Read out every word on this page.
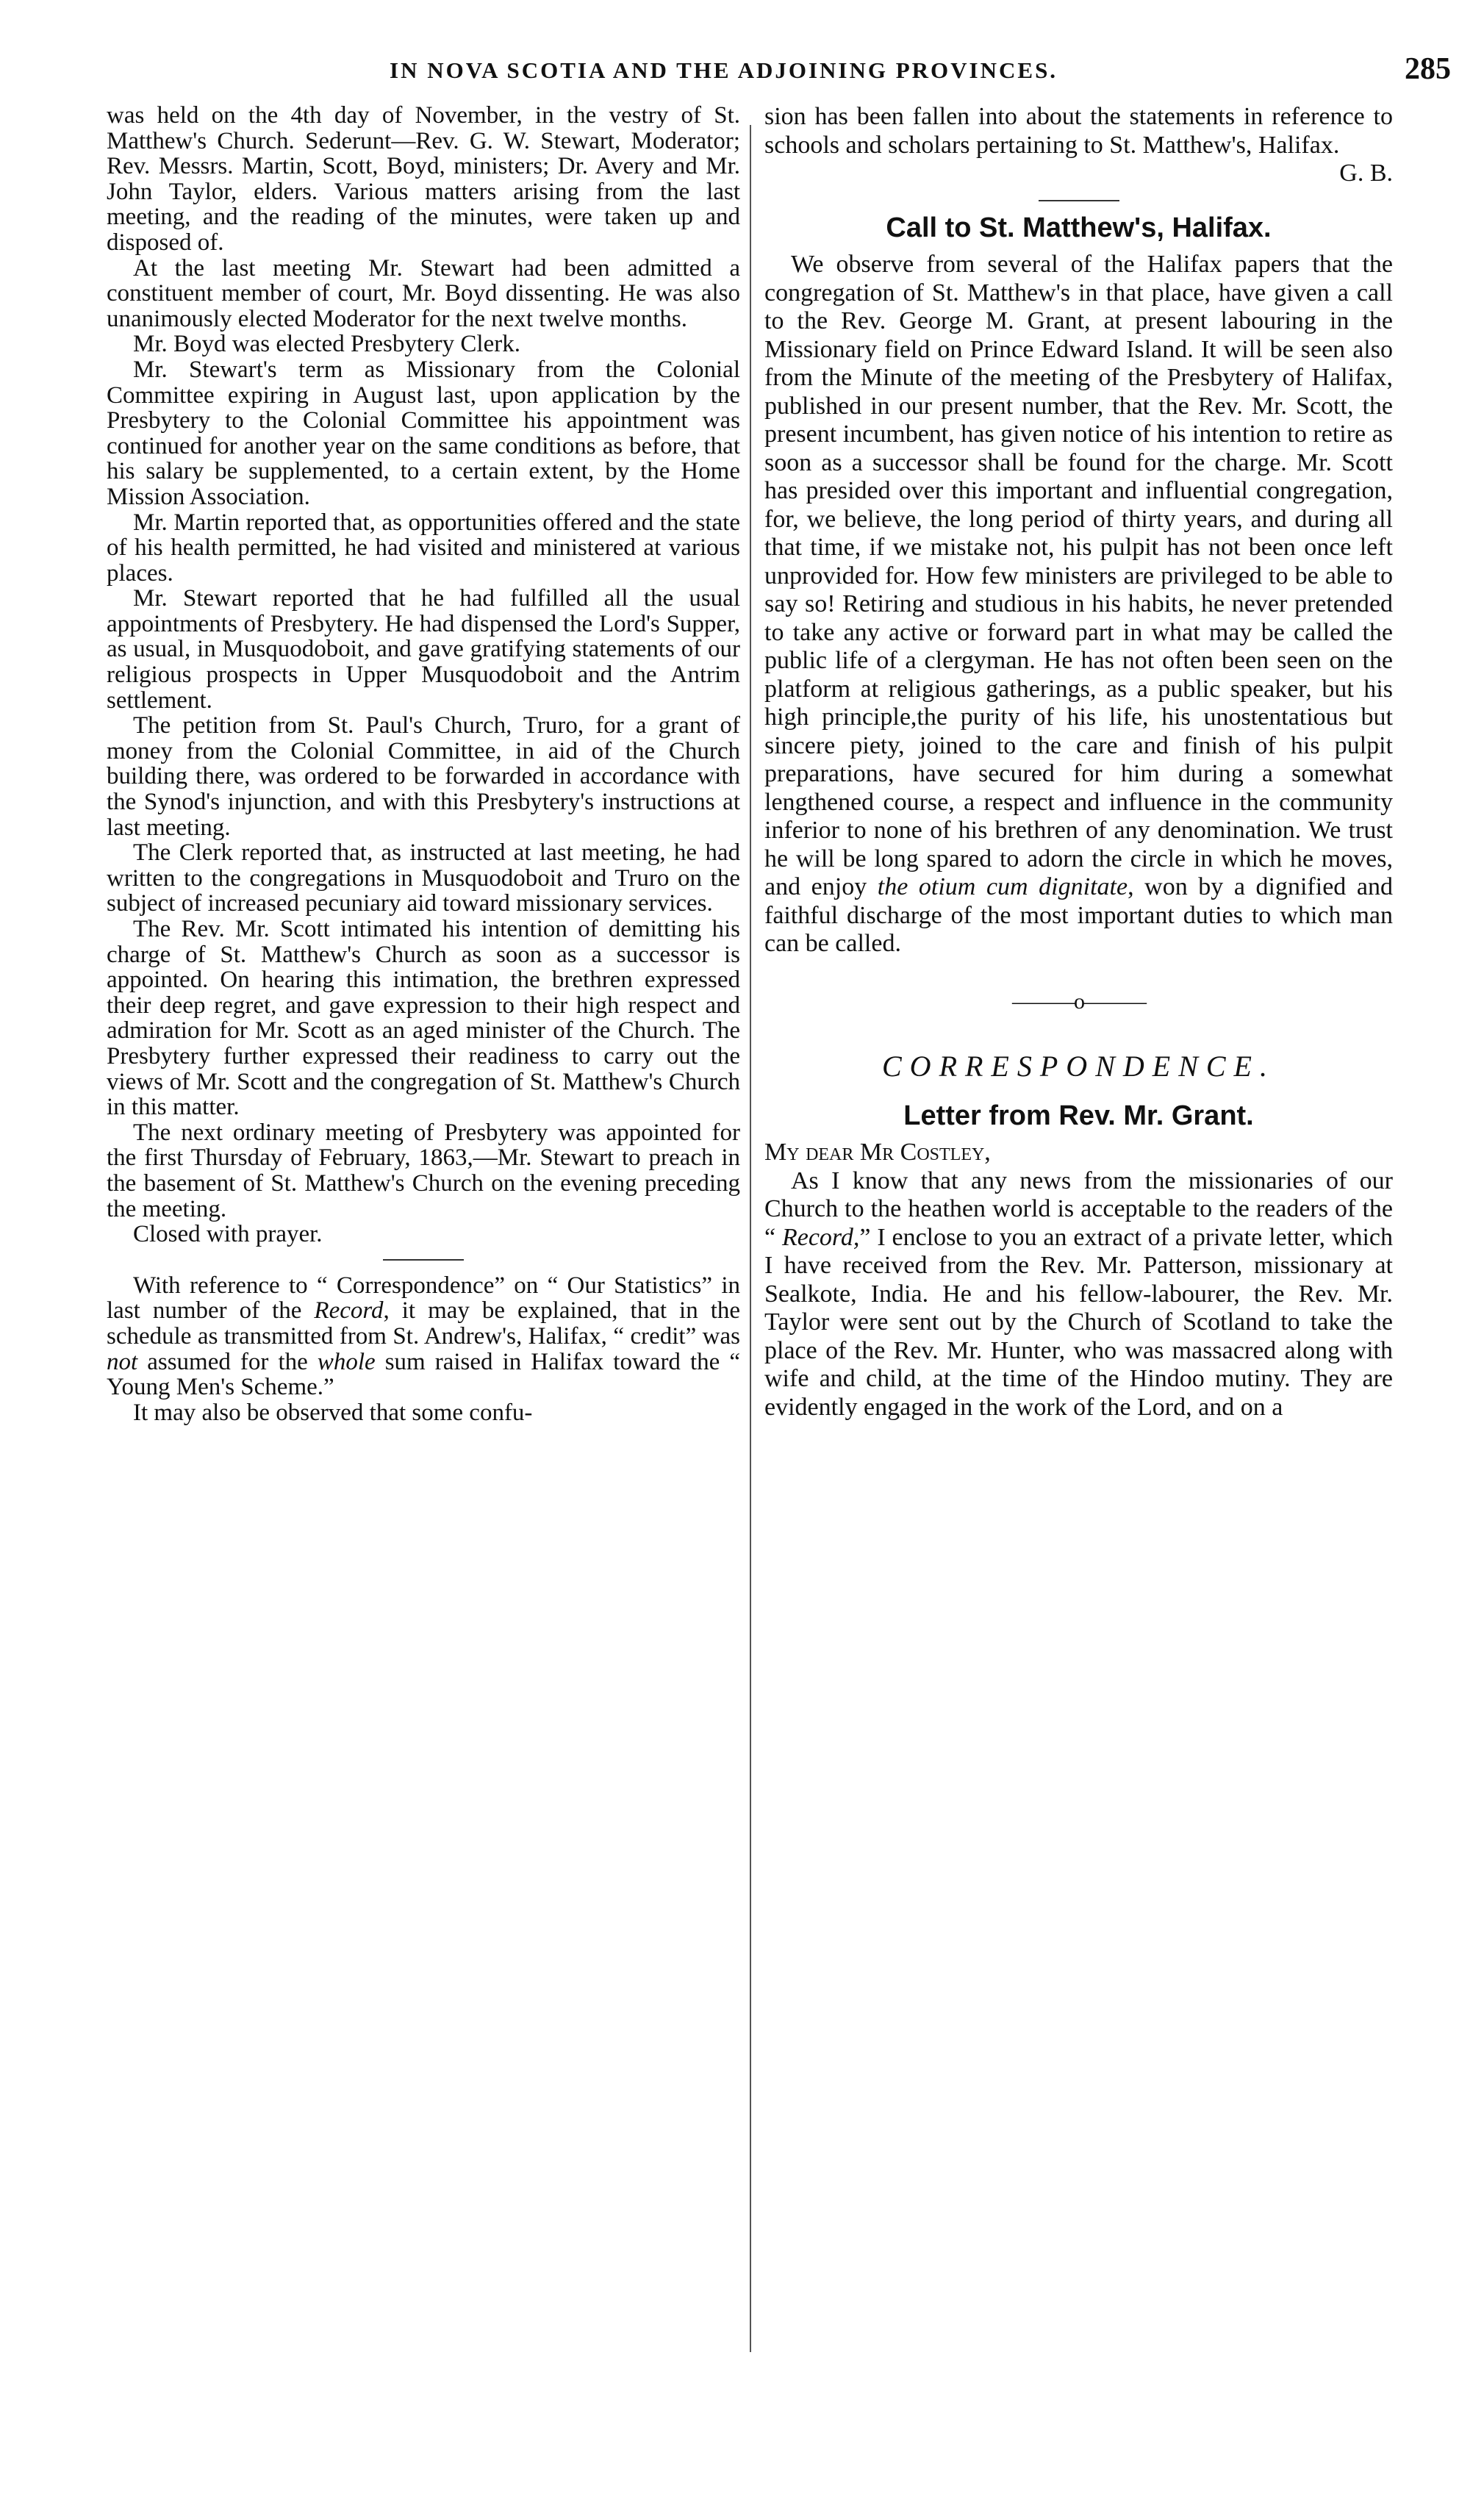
IN NOVA SCOTIA AND THE ADJOINING PROVINCES.	285

was held on the 4th day of November, in the vestry of St. Matthew's Church. Sederunt—Rev. G. W. Stewart, Moderator; Rev. Messrs. Martin, Scott, Boyd, ministers; Dr. Avery and Mr. John Taylor, elders. Various matters arising from the last meeting, and the reading of the minutes, were taken up and disposed of.

At the last meeting Mr. Stewart had been admitted a constituent member of court, Mr. Boyd dissenting. He was also unanimously elected Moderator for the next twelve months.

Mr. Boyd was elected Presbytery Clerk.

Mr. Stewart's term as Missionary from the Colonial Committee expiring in August last, upon application by the Presbytery to the Colonial Committee his appointment was continued for another year on the same conditions as before, that his salary be supplemented, to a certain extent, by the Home Mission Association.

Mr. Martin reported that, as opportunities offered and the state of his health permitted, he had visited and ministered at various places.

Mr. Stewart reported that he had fulfilled all the usual appointments of Presbytery. He had dispensed the Lord's Supper, as usual, in Musquodoboit, and gave gratifying statements of our religious prospects in Upper Musquodoboit and the Antrim settlement.

The petition from St. Paul's Church, Truro, for a grant of money from the Colonial Committee, in aid of the Church building there, was ordered to be forwarded in accordance with the Synod's injunction, and with this Presbytery's instructions at last meeting.

The Clerk reported that, as instructed at last meeting, he had written to the congregations in Musquodoboit and Truro on the subject of increased pecuniary aid toward missionary services.

The Rev. Mr. Scott intimated his intention of demitting his charge of St. Matthew's Church as soon as a successor is appointed. On hearing this intimation, the brethren expressed their deep regret, and gave expression to their high respect and admiration for Mr. Scott as an aged minister of the Church. The Presbytery further expressed their readiness to carry out the views of Mr. Scott and the congregation of St. Matthew's Church in this matter.

The next ordinary meeting of Presbytery was appointed for the first Thursday of February, 1863,—Mr. Stewart to preach in the basement of St. Matthew's Church on the evening preceding the meeting.

Closed with prayer.

With reference to “ Correspondence” on “ Our Statistics” in last number of the Record, it may be explained, that in the schedule as transmitted from St. Andrew's, Halifax, “ credit” was not assumed for the whole sum raised in Halifax toward the “ Young Men's Scheme.”

It may also be observed that some confu-

sion has been fallen into about the statements in reference to schools and scholars pertaining to St. Matthew's, Halifax.

G. B.
Call to St. Matthew's, Halifax.

We observe from several of the Halifax papers that the congregation of St. Matthew's in that place, have given a call to the Rev. George M. Grant, at present labouring in the Missionary field on Prince Edward Island. It will be seen also from the Minute of the meeting of the Presbytery of Halifax, published in our present number, that the Rev. Mr. Scott, the present incumbent, has given notice of his intention to retire as soon as a successor shall be found for the charge. Mr. Scott has presided over this important and influential congregation, for, we believe, the long period of thirty years, and during all that time, if we mistake not, his pulpit has not been once left unprovided for. How few ministers are privileged to be able to say so! Retiring and studious in his habits, he never pretended to take any active or forward part in what may be called the public life of a clergyman. He has not often been seen on the platform at religious gatherings, as a public speaker, but his high principle,the purity of his life, his unostentatious but sincere piety, joined to the care and finish of his pulpit preparations, have secured for him during a somewhat lengthened course, a respect and influence in the community inferior to none of his brethren of any denomination. We trust he will be long spared to adorn the circle in which he moves, and enjoy the otium cum dignitate, won by a dignified and faithful discharge of the most important duties to which man can be called.

———o———
CORRESPONDENCE.
Letter from Rev. Mr. Grant.

My dear Mr Costley,

As I know that any news from the missionaries of our Church to the heathen world is acceptable to the readers of the “ Record,” I enclose to you an extract of a private letter, which I have received from the Rev. Mr. Patterson, missionary at Sealkote, India. He and his fellow-labourer, the Rev. Mr. Taylor were sent out by the Church of Scotland to take the place of the Rev. Mr. Hunter, who was massacred along with wife and child, at the time of the Hindoo mutiny. They are evidently engaged in the work of the Lord, and on a
